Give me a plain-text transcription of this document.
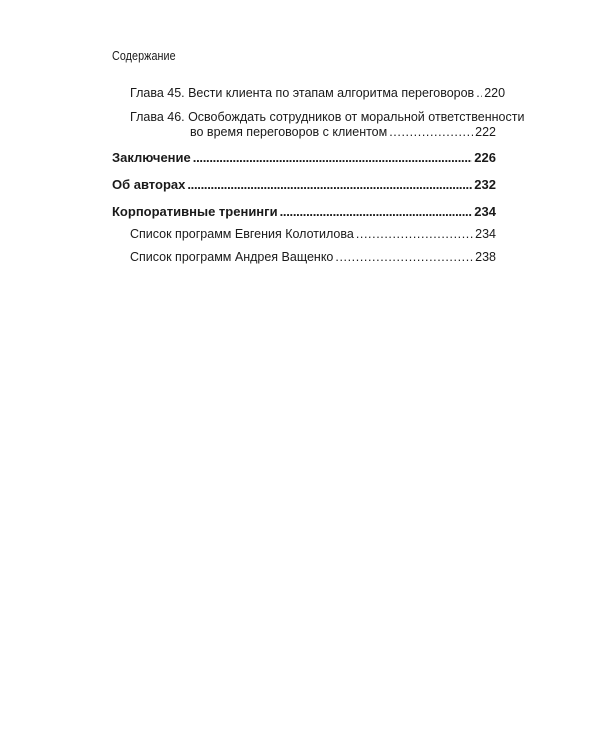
Содержание
Глава 45. Вести клиента по этапам алгоритма переговоров ..... 220
Глава 46. Освобождать сотрудников от моральной ответственности
во время переговоров с клиентом .....	222
Заключение .....	226
Об авторах .....	232
Корпоративные тренинги .....	234
Список программ Евгения Колотилова .....	234
Список программ Андрея Ващенко .....	238
